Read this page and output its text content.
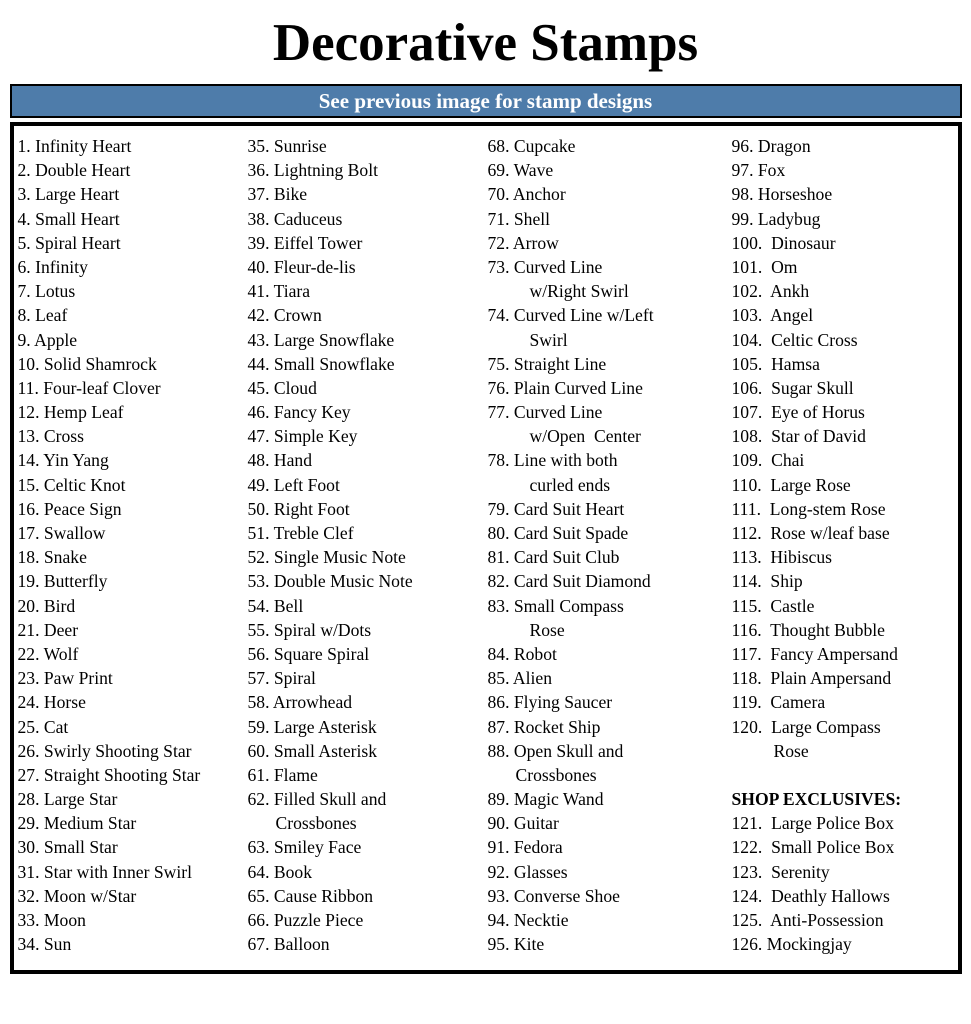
Decorative Stamps
See previous image for stamp designs
1. Infinity Heart
2. Double Heart
3. Large Heart
4. Small Heart
5. Spiral Heart
6. Infinity
7. Lotus
8. Leaf
9. Apple
10. Solid Shamrock
11. Four-leaf Clover
12. Hemp Leaf
13. Cross
14. Yin Yang
15. Celtic Knot
16. Peace Sign
17. Swallow
18. Snake
19. Butterfly
20. Bird
21. Deer
22. Wolf
23. Paw Print
24. Horse
25. Cat
26. Swirly Shooting Star
27. Straight Shooting Star
28. Large Star
29. Medium Star
30. Small Star
31. Star with Inner Swirl
32. Moon w/Star
33. Moon
34. Sun
35. Sunrise
36. Lightning Bolt
37. Bike
38. Caduceus
39. Eiffel Tower
40. Fleur-de-lis
41. Tiara
42. Crown
43. Large Snowflake
44. Small Snowflake
45. Cloud
46. Fancy Key
47. Simple Key
48. Hand
49. Left Foot
50. Right Foot
51. Treble Clef
52. Single Music Note
53. Double Music Note
54. Bell
55. Spiral w/Dots
56. Square Spiral
57. Spiral
58. Arrowhead
59. Large Asterisk
60. Small Asterisk
61. Flame
62. Filled Skull and
Crossbones
63. Smiley Face
64. Book
65. Cause Ribbon
66. Puzzle Piece
67. Balloon
68. Cupcake
69. Wave
70. Anchor
71. Shell
72. Arrow
73. Curved Line
w/Right Swirl
74. Curved Line w/Left
Swirl
75. Straight Line
76. Plain Curved Line
77. Curved Line
w/Open  Center
78. Line with both
curled ends
79. Card Suit Heart
80. Card Suit Spade
81. Card Suit Club
82. Card Suit Diamond
83. Small Compass
Rose
84. Robot
85. Alien
86. Flying Saucer
87. Rocket Ship
88. Open Skull and
Crossbones
89. Magic Wand
90. Guitar
91. Fedora
92. Glasses
93. Converse Shoe
94. Necktie
95. Kite
96. Dragon
97. Fox
98. Horseshoe
99. Ladybug
100.  Dinosaur
101.  Om
102.  Ankh
103.  Angel
104.  Celtic Cross
105.  Hamsa
106.  Sugar Skull
107.  Eye of Horus
108.  Star of David
109.  Chai
110.  Large Rose
111.  Long-stem Rose
112.  Rose w/leaf base
113.  Hibiscus
114.  Ship
115.  Castle
116.  Thought Bubble
117.  Fancy Ampersand
118.  Plain Ampersand
119.  Camera
120.  Large Compass
Rose

SHOP EXCLUSIVES:
121.  Large Police Box
122.  Small Police Box
123.  Serenity
124.  Deathly Hallows
125.  Anti-Possession
126. Mockingjay
